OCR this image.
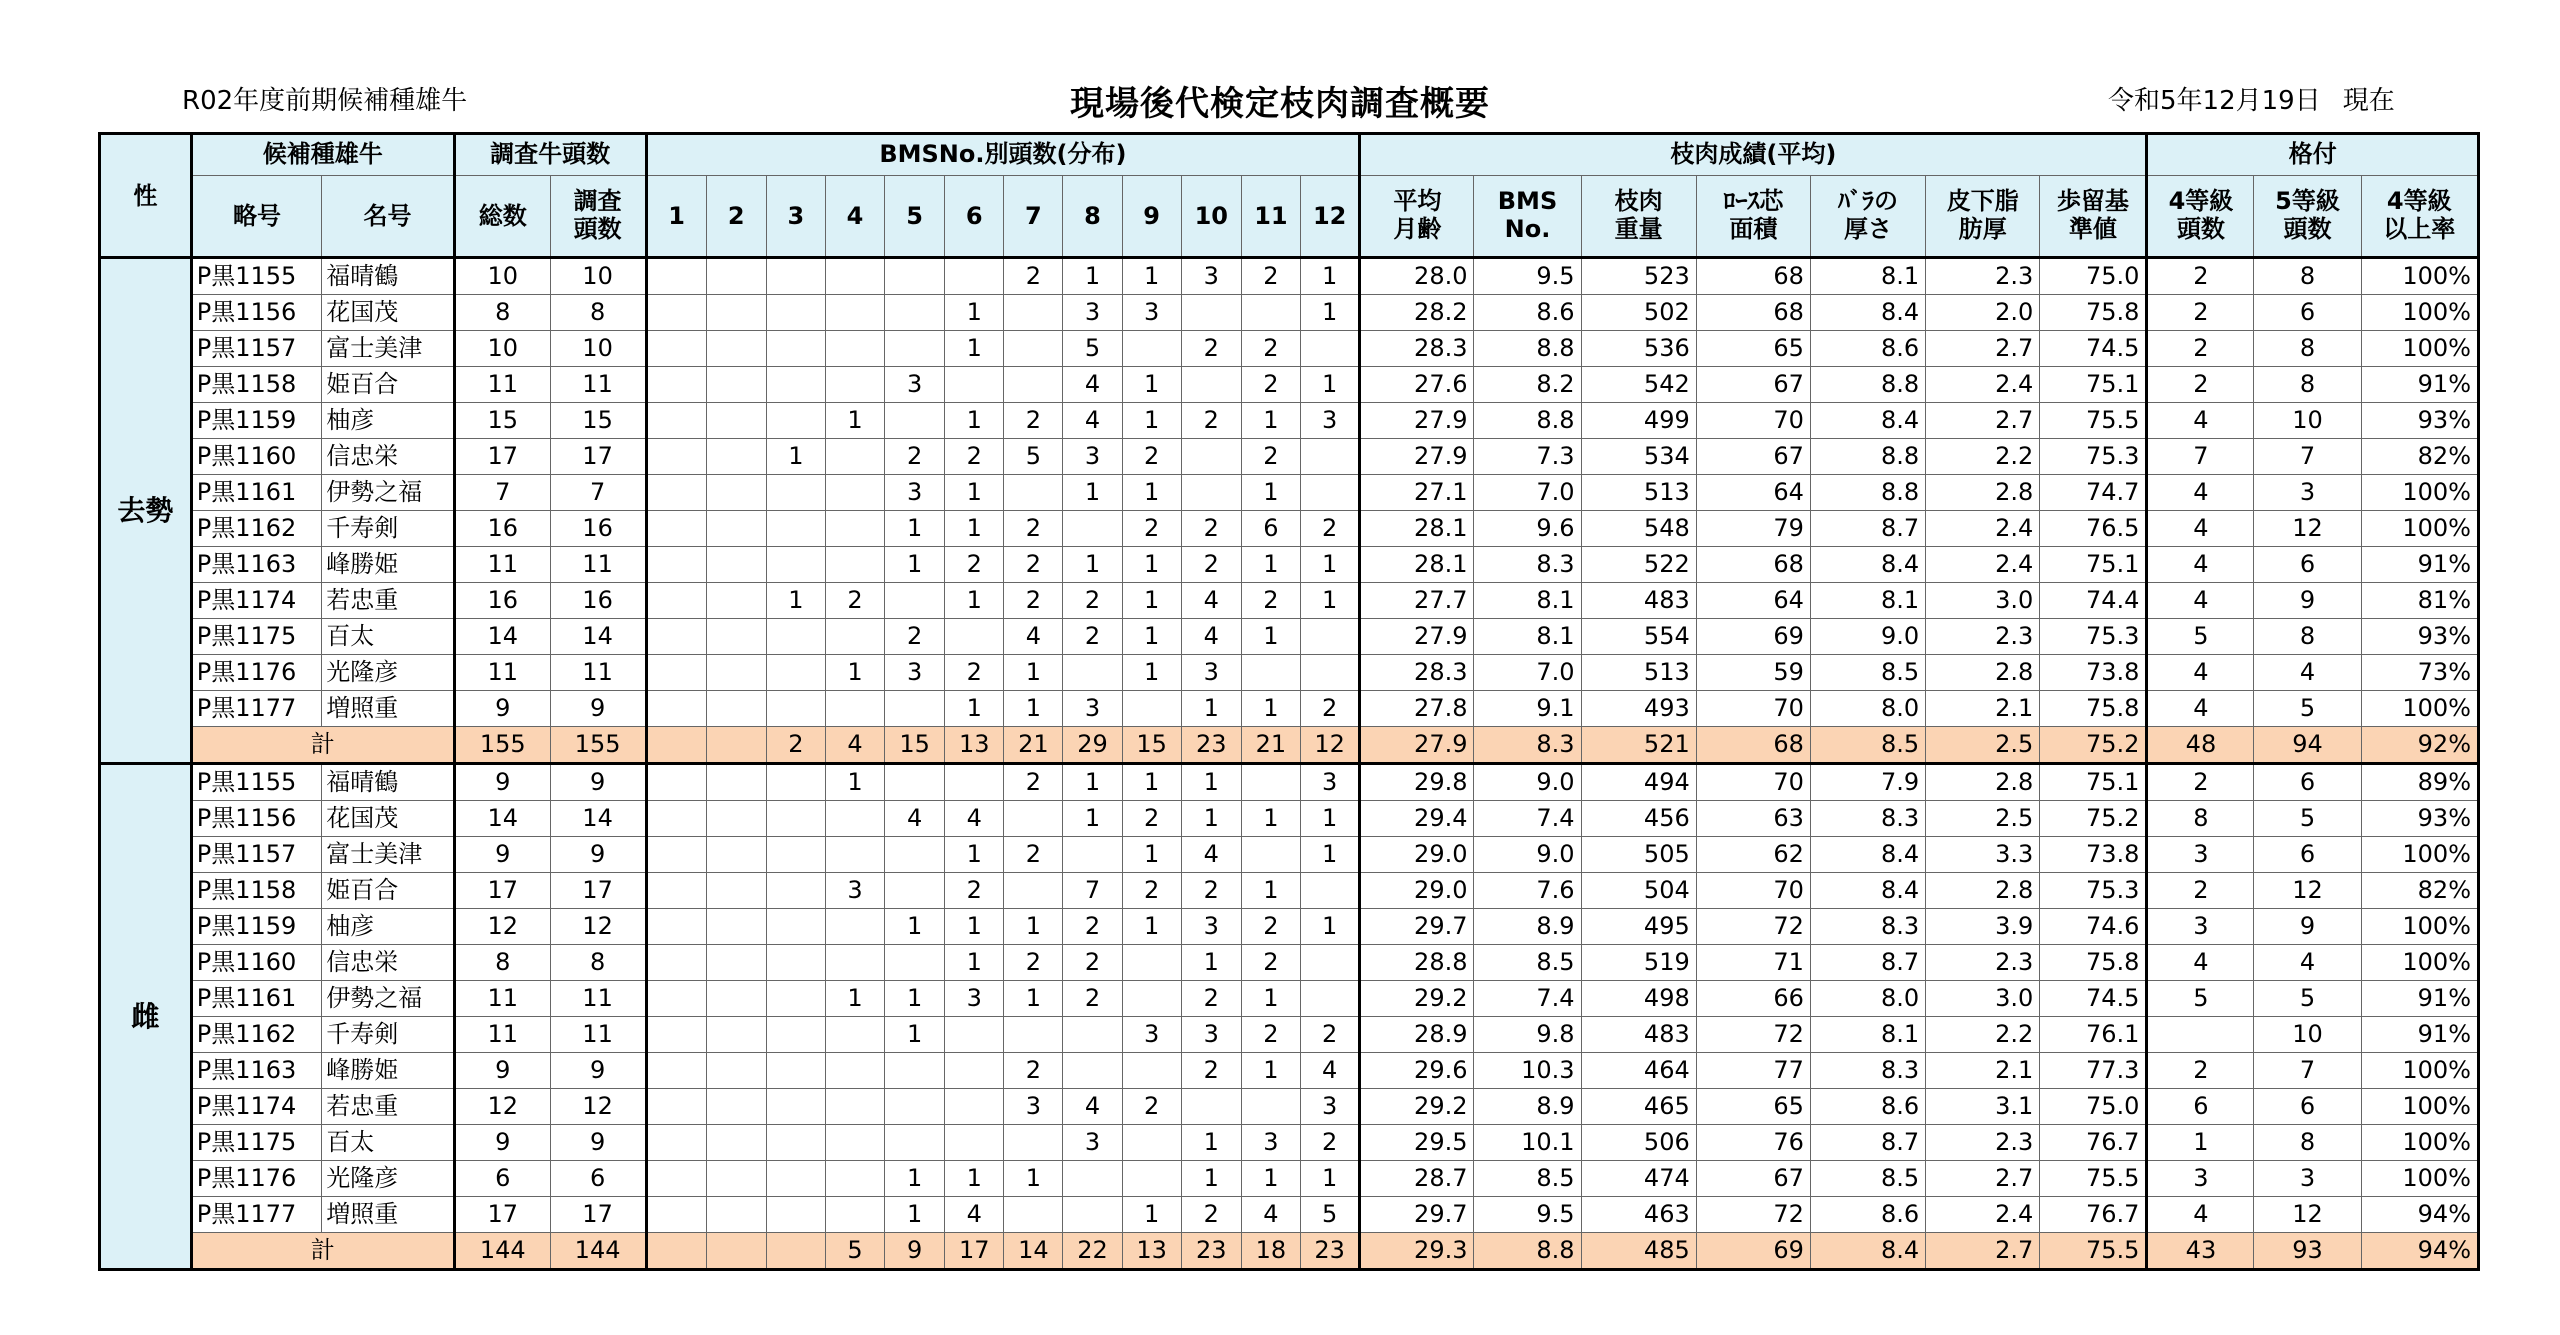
R02年度前期候補種雄牛	現場後代検定枝肉調査概要	令和5年12月19日 現在
性	候補種雄牛		調査牛頭数		BMSNo.別頭数(分布)												枝肉成績(平均)							格付		
	略号	名号	総数	調査頭数	1	2	3	4	5	6	7	8	9	10	11	12	平均月齢	BMS No.	枝肉重量	ﾛｰｽ芯面積	ﾊﾞﾗの厚さ	皮下脂肪厚	歩留基準値	4等級頭数	5等級頭数	4等級以上率
去勢	P黒1155	福晴鶴	10	10							2	1	1	3	2	1	28.0	9.5	523	68	8.1	2.3	75.0	2	8	100%
	P黒1156	花国茂	8	8						1		3	3			1	28.2	8.6	502	68	8.4	2.0	75.8	2	6	100%
	P黒1157	富士美津	10	10						1		5		2	2		28.3	8.8	536	65	8.6	2.7	74.5	2	8	100%
	P黒1158	姫百合	11	11					3			4	1		2	1	27.6	8.2	542	67	8.8	2.4	75.1	2	8	91%
	P黒1159	柚彦	15	15				1		1	2	4	1	2	1	3	27.9	8.8	499	70	8.4	2.7	75.5	4	10	93%
	P黒1160	信忠栄	17	17			1		2	2	5	3	2		2		27.9	7.3	534	67	8.8	2.2	75.3	7	7	82%
	P黒1161	伊勢之福	7	7					3	1		1	1		1		27.1	7.0	513	64	8.8	2.8	74.7	4	3	100%
	P黒1162	千寿剣	16	16					1	1	2		2	2	6	2	28.1	9.6	548	79	8.7	2.4	76.5	4	12	100%
	P黒1163	峰勝姫	11	11					1	2	2	1	1	2	1	1	28.1	8.3	522	68	8.4	2.4	75.1	4	6	91%
	P黒1174	若忠重	16	16			1	2		1	2	2	1	4	2	1	27.7	8.1	483	64	8.1	3.0	74.4	4	9	81%
	P黒1175	百太	14	14					2		4	2	1	4	1		27.9	8.1	554	69	9.0	2.3	75.3	5	8	93%
	P黒1176	光隆彦	11	11				1	3	2	1		1	3			28.3	7.0	513	59	8.5	2.8	73.8	4	4	73%
	P黒1177	増照重	9	9						1	1	3		1	1	2	27.8	9.1	493	70	8.0	2.1	75.8	4	5	100%
	計		155	155			2	4	15	13	21	29	15	23	21	12	27.9	8.3	521	68	8.5	2.5	75.2	48	94	92%
雌	P黒1155	福晴鶴	9	9				1			2	1	1	1		3	29.8	9.0	494	70	7.9	2.8	75.1	2	6	89%
	P黒1156	花国茂	14	14					4	4		1	2	1	1	1	29.4	7.4	456	63	8.3	2.5	75.2	8	5	93%
	P黒1157	富士美津	9	9						1	2		1	4		1	29.0	9.0	505	62	8.4	3.3	73.8	3	6	100%
	P黒1158	姫百合	17	17				3		2		7	2	2	1		29.0	7.6	504	70	8.4	2.8	75.3	2	12	82%
	P黒1159	柚彦	12	12					1	1	1	2	1	3	2	1	29.7	8.9	495	72	8.3	3.9	74.6	3	9	100%
	P黒1160	信忠栄	8	8						1	2	2		1	2		28.8	8.5	519	71	8.7	2.3	75.8	4	4	100%
	P黒1161	伊勢之福	11	11				1	1	3	1	2		2	1		29.2	7.4	498	66	8.0	3.0	74.5	5	5	91%
	P黒1162	千寿剣	11	11					1				3	3	2	2	28.9	9.8	483	72	8.1	2.2	76.1		10	91%
	P黒1163	峰勝姫	9	9							2			2	1	4	29.6	10.3	464	77	8.3	2.1	77.3	2	7	100%
	P黒1174	若忠重	12	12							3	4	2			3	29.2	8.9	465	65	8.6	3.1	75.0	6	6	100%
	P黒1175	百太	9	9								3		1	3	2	29.5	10.1	506	76	8.7	2.3	76.7	1	8	100%
	P黒1176	光隆彦	6	6					1	1	1			1	1	1	28.7	8.5	474	67	8.5	2.7	75.5	3	3	100%
	P黒1177	増照重	17	17					1	4			1	2	4	5	29.7	9.5	463	72	8.6	2.4	76.7	4	12	94%
	計		144	144				5	9	17	14	22	13	23	18	23	29.3	8.8	485	69	8.4	2.7	75.5	43	93	94%
